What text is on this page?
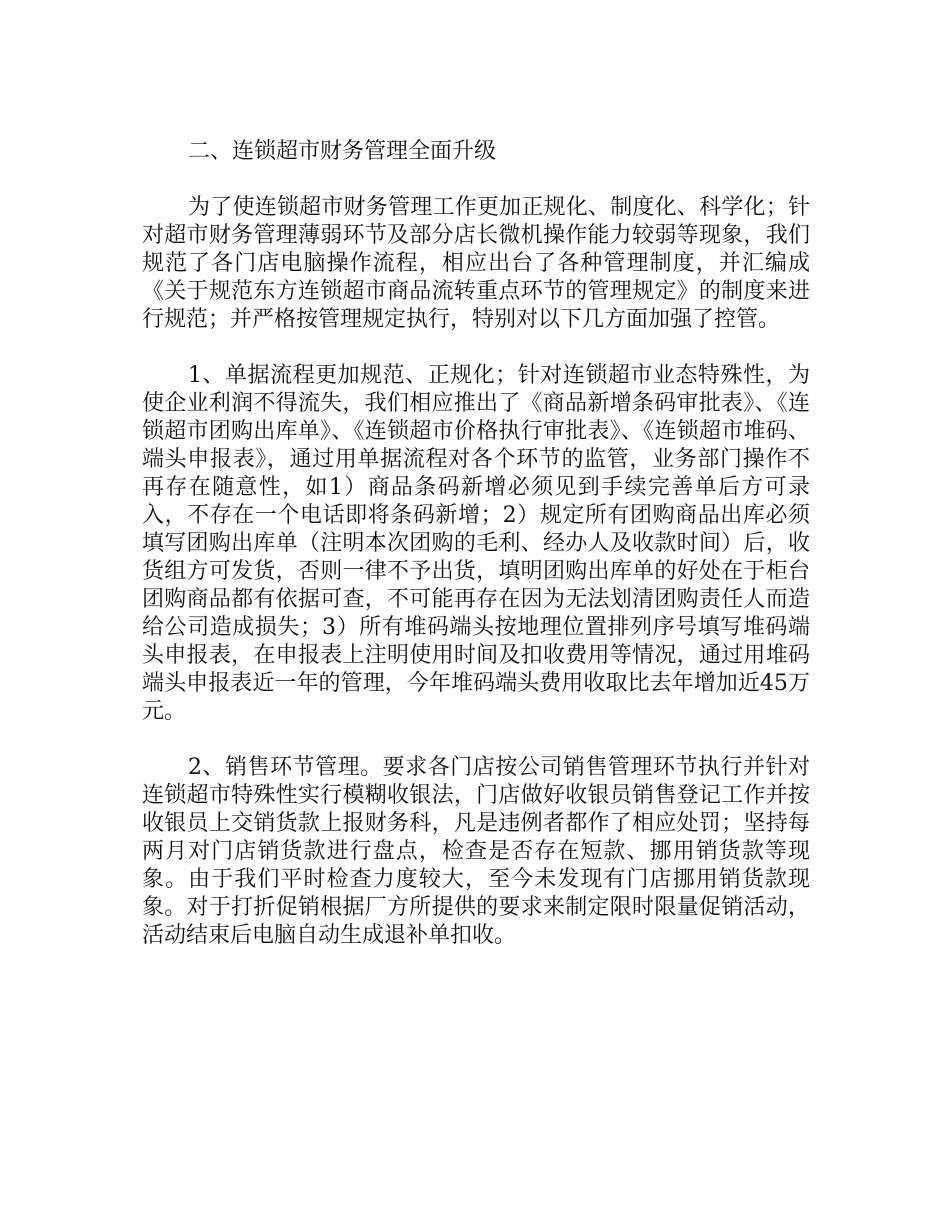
二、连锁超市财务管理全面升级

为了使连锁超市财务管理工作更加正规化、制度化、科学化；针对超市财务管理薄弱环节及部分店长微机操作能力较弱等现象，我们规范了各门店电脑操作流程，相应出台了各种管理制度，并汇编成《关于规范东方连锁超市商品流转重点环节的管理规定》的制度来进行规范；并严格按管理规定执行，特别对以下几方面加强了控管。

1、单据流程更加规范、正规化；针对连锁超市业态特殊性，为使企业利润不得流失，我们相应推出了《商品新增条码审批表》、《连锁超市团购出库单》、《连锁超市价格执行审批表》、《连锁超市堆码、端头申报表》，通过用单据流程对各个环节的监管，业务部门操作不再存在随意性，如1）商品条码新增必须见到手续完善单后方可录入，不存在一个电话即将条码新增；2）规定所有团购商品出库必须填写团购出库单（注明本次团购的毛利、经办人及收款时间）后，收货组方可发货，否则一律不予出货，填明团购出库单的好处在于柜台团购商品都有依据可查，不可能再存在因为无法划清团购责任人而造给公司造成损失；3）所有堆码端头按地理位置排列序号填写堆码端头申报表，在申报表上注明使用时间及扣收费用等情况，通过用堆码端头申报表近一年的管理，今年堆码端头费用收取比去年增加近45万元。

2、销售环节管理。要求各门店按公司销售管理环节执行并针对连锁超市特殊性实行模糊收银法，门店做好收银员销售登记工作并按收银员上交销货款上报财务科，凡是违例者都作了相应处罚；坚持每两月对门店销货款进行盘点，检查是否存在短款、挪用销货款等现象。由于我们平时检查力度较大，至今未发现有门店挪用销货款现象。对于打折促销根据厂方所提供的要求来制定限时限量促销活动，活动结束后电脑自动生成退补单扣收。
